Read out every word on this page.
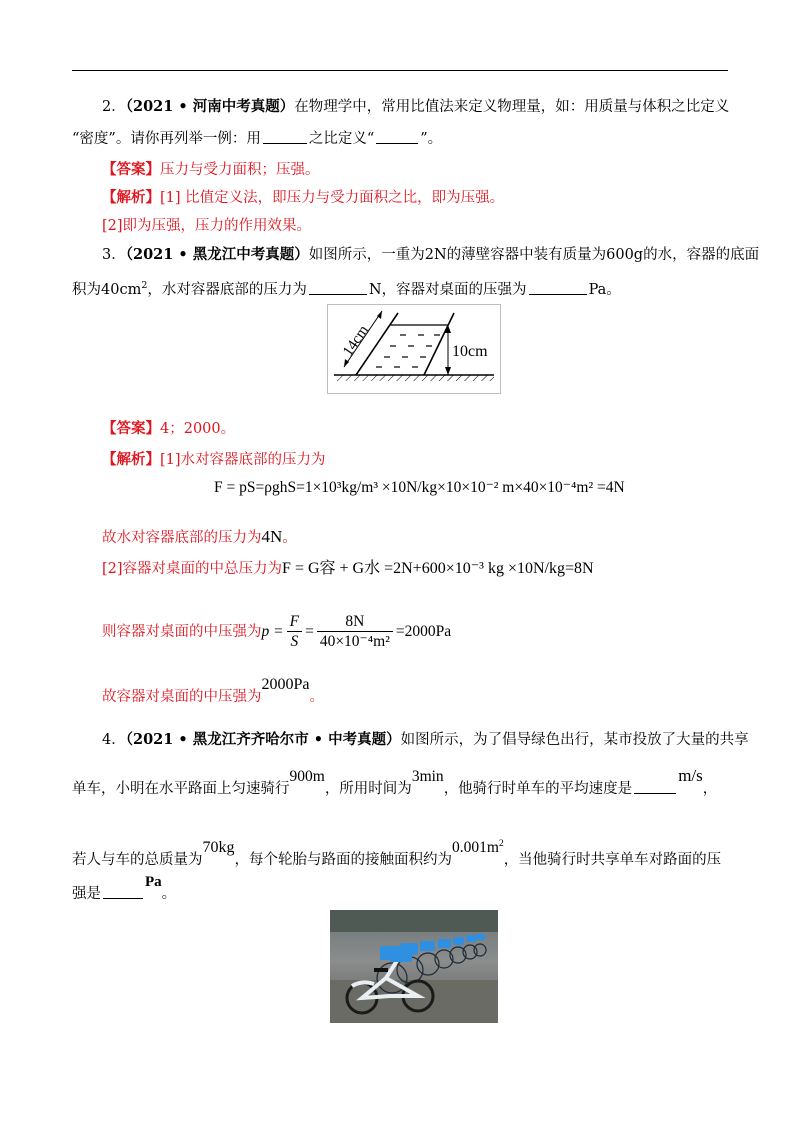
2．（2021 • 河南中考真题）在物理学中，常用比值法来定义物理量，如：用质量与体积之比定义
“密度”。请你再列举一例：用	之比定义“	”。
【答案】压力与受力面积；压强。
【解析】[1] 比值定义法，即压力与受力面积之比，即为压强。
[2]即为压强，压力的作用效果。
3．（2021 • 黑龙江中考真题）如图所示，一重为2N的薄壁容器中装有质量为600g的水，容器的底面
积为$40cm^2$，水对容器底部的压力为	N，容器对桌面的压强为	Pa。
14cm	10cm
【答案】4；2000。
【解析】[1]水对容器底部的压力为
F = pS=ρghS=1×10³kg/m³ ×10N/kg×10×10⁻² m×40×10⁻⁴m² =4N
故水对容器底部的压力为4N。
[2]容器对桌面的中总压力为F = G容 + G水 =2N+600×10⁻³ kg ×10N/kg=8N
则容器对桌面的中压强为$p = \frac{F}{S} = \frac{8N}{\text{40×10⁻⁴m²}} =2000Pa$
故容器对桌面的中压强为2000Pa。
4．（2021 • 黑龙江齐齐哈尔市 • 中考真题）如图所示，为了倡导绿色出行，某市投放了大量的共享
单车，小明在水平路面上匀速骑行900m，所用时间为3min，他骑行时单车的平均速度是m/s，
若人与车的总质量为70kg，每个轮胎与路面的接触面积约为$0.001m^2$，当他骑行时共享单车对路面的压
强是Pa。
